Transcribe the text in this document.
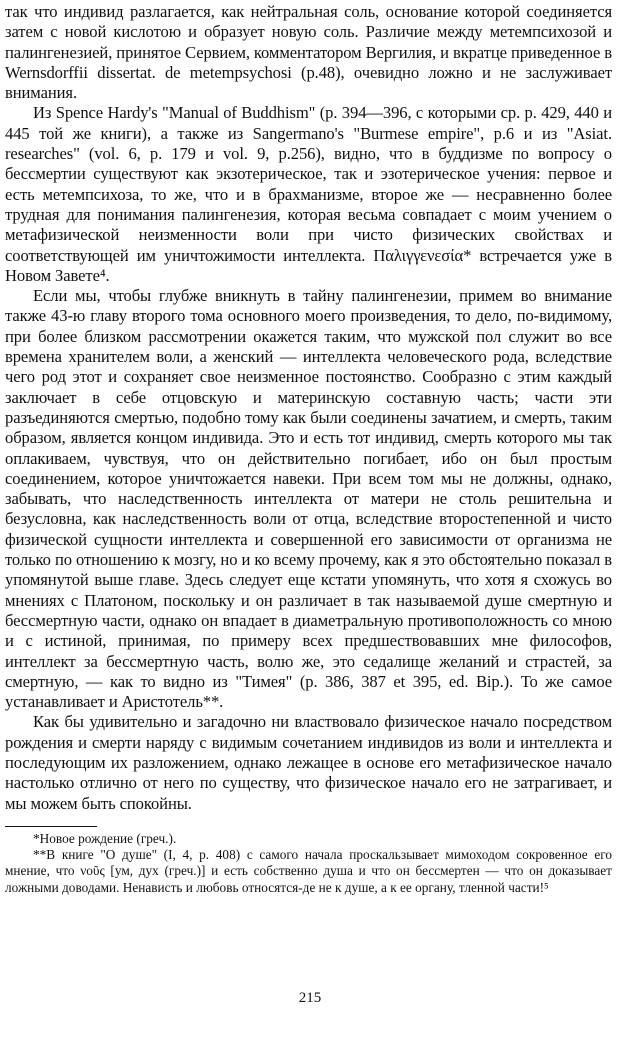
так что индивид разлагается, как нейтральная соль, основание которой соединяется затем с новой кислотою и образует новую соль. Различие между метемпсихозой и палингенезией, принятое Сервием, комментатором Вергилия, и вкратце приведенное в Wernsdorffii dissertat. de metempsychosi (p.48), очевидно ложно и не заслуживает внимания.

Из Spence Hardy's "Manual of Buddhism" (p. 394—396, с которыми ср. р. 429, 440 и 445 той же книги), а также из Sangermano's "Burmese empire", p.6 и из "Asiat. researches" (vol. 6, p. 179 и vol. 9, p.256), видно, что в буддизме по вопросу о бессмертии существуют как экзотерическое, так и эзотерическое учения: первое и есть метемпсихоза, то же, что и в брахманизме, второе же — несравненно более трудная для понимания палингенезия, которая весьма совпадает с моим учением о метафизической неизменности воли при чисто физических свойствах и соответствующей им уничтожимости интеллекта. Παλιγγενεσία* встречается уже в Новом Завете⁴.

Если мы, чтобы глубже вникнуть в тайну палингенезии, примем во внимание также 43-ю главу второго тома основного моего произведения, то дело, по-видимому, при более близком рассмотрении окажется таким, что мужской пол служит во все времена хранителем воли, а женский — интеллекта человеческого рода, вследствие чего род этот и сохраняет свое неизменное постоянство. Сообразно с этим каждый заключает в себе отцовскую и материнскую составную часть; части эти разъединяются смертью, подобно тому как были соединены зачатием, и смерть, таким образом, является концом индивида. Это и есть тот индивид, смерть которого мы так оплакиваем, чувствуя, что он действительно погибает, ибо он был простым соединением, которое уничтожается навеки. При всем том мы не должны, однако, забывать, что наследственность интеллекта от матери не столь решительна и безусловна, как наследственность воли от отца, вследствие второстепенной и чисто физической сущности интеллекта и совершенной его зависимости от организма не только по отношению к мозгу, но и ко всему прочему, как я это обстоятельно показал в упомянутой выше главе. Здесь следует еще кстати упомянуть, что хотя я схожусь во мнениях с Платоном, поскольку и он различает в так называемой душе смертную и бессмертную части, однако он впадает в диаметральную противоположность со мною и с истиной, принимая, по примеру всех предшествовавших мне философов, интеллект за бессмертную часть, волю же, это седалище желаний и страстей, за смертную, — как то видно из "Тимея" (p. 386, 387 et 395, ed. Bip.). То же самое устанавливает и Аристотель**.

Как бы удивительно и загадочно ни властвовало физическое начало посредством рождения и смерти наряду с видимым сочетанием индивидов из воли и интеллекта и последующим их разложением, однако лежащее в основе его метафизическое начало настолько отлично от него по существу, что физическое начало его не затрагивает, и мы можем быть спокойны.

*Новое рождение (греч.).

**В книге "О душе" (I, 4, p. 408) с самого начала проскальзывает мимоходом сокровенное его мнение, что νοῦς [ум, дух (греч.)] и есть собственно душа и что он бессмертен — что он доказывает ложными доводами. Ненависть и любовь относятся-де не к душе, а к ее органу, тленной части!⁵

215
